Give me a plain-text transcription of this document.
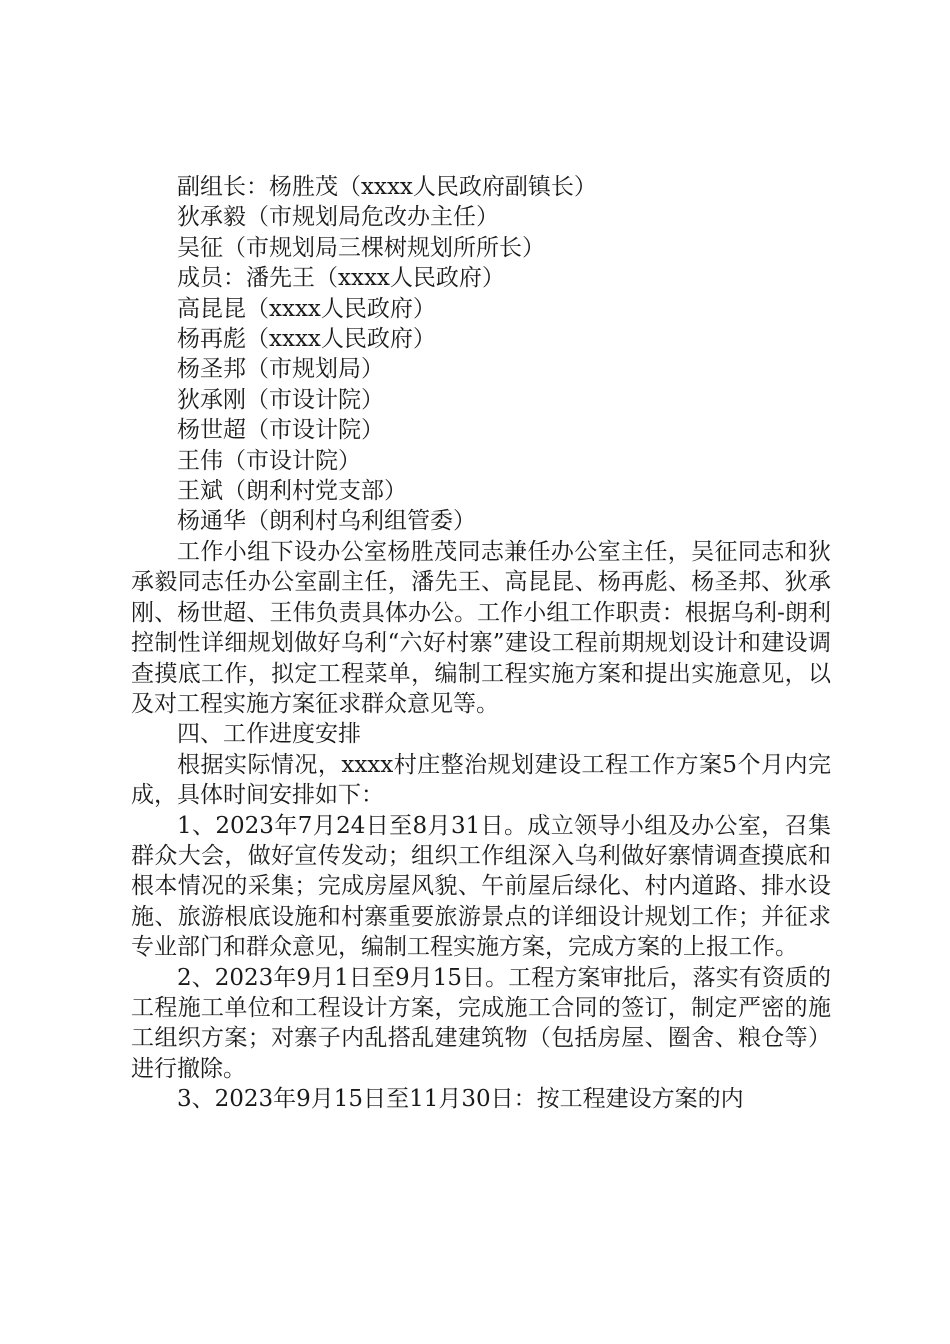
副组长：杨胜茂（xxxx人民政府副镇长）

狄承毅（市规划局危改办主任）

吴征（市规划局三棵树规划所所长）

成员：潘先王（xxxx人民政府）

高昆昆（xxxx人民政府）

杨再彪（xxxx人民政府）

杨圣邦（市规划局）

狄承刚（市设计院）

杨世超（市设计院）

王伟（市设计院）

王斌（朗利村党支部）

杨通华（朗利村乌利组管委）

工作小组下设办公室杨胜茂同志兼任办公室主任，吴征同志和狄承毅同志任办公室副主任，潘先王、高昆昆、杨再彪、杨圣邦、狄承刚、杨世超、王伟负责具体办公。工作小组工作职责：根据乌利-朗利控制性详细规划做好乌利“六好村寨”建设工程前期规划设计和建设调查摸底工作，拟定工程菜单，编制工程实施方案和提出实施意见，以及对工程实施方案征求群众意见等。

四、工作进度安排

根据实际情况，xxxx村庄整治规划建设工程工作方案5个月内完成，具体时间安排如下：

1、2023年7月24日至8月31日。成立领导小组及办公室，召集群众大会，做好宣传发动；组织工作组深入乌利做好寨情调查摸底和根本情况的采集；完成房屋风貌、午前屋后绿化、村内道路、排水设施、旅游根底设施和村寨重要旅游景点的详细设计规划工作；并征求专业部门和群众意见，编制工程实施方案，完成方案的上报工作。

2、2023年9月1日至9月15日。工程方案审批后，落实有资质的工程施工单位和工程设计方案，完成施工合同的签订，制定严密的施工组织方案；对寨子内乱搭乱建建筑物（包括房屋、圈舍、粮仓等）进行撤除。

3、2023年9月15日至11月30日：按工程建设方案的内
